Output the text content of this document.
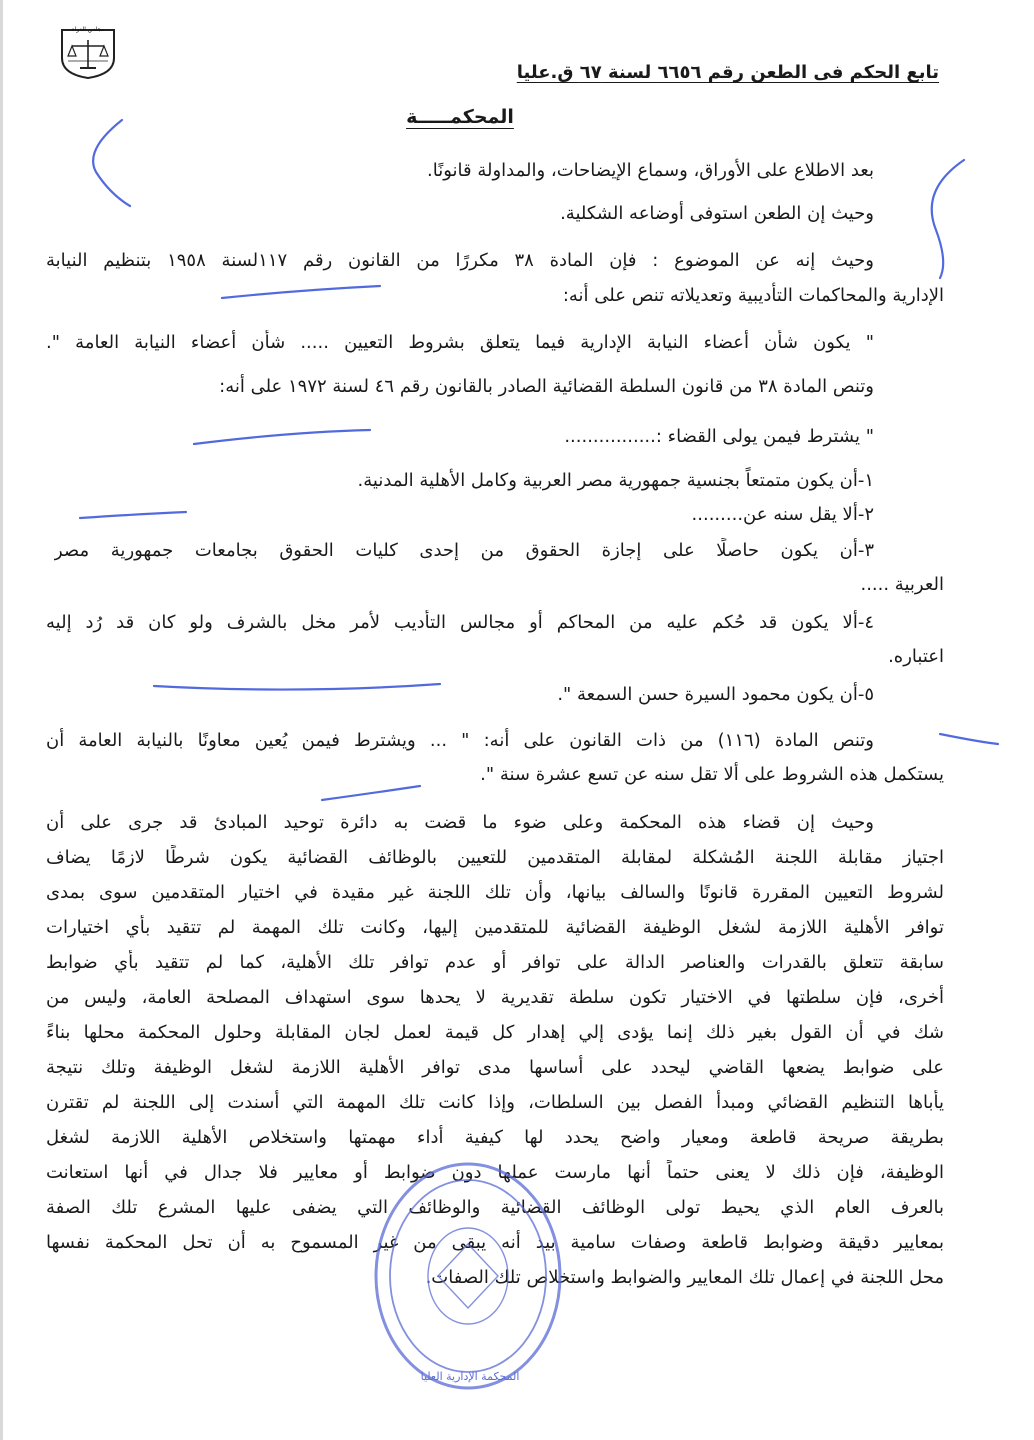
مجلس الدولة
تابع الحكم فى الطعن رقم ٦٦٥٦ لسنة ٦٧ ق.عليا
المحكمـــــة
بعد الاطلاع على الأوراق، وسماع الإيضاحات، والمداولة قانونًا.
وحيث إن الطعن استوفى أوضاعه الشكلية.
وحيث إنه عن الموضوع : فإن المادة ٣٨ مكررًا من القانون رقم ١١٧لسنة ١٩٥٨ بتنظيم النيابة
الإدارية والمحاكمات التأديبية وتعديلاته تنص على أنه:
" يكون شأن أعضاء النيابة الإدارية فيما يتعلق بشروط التعيين ..... شأن أعضاء النيابة العامة ".
وتنص المادة ٣٨ من قانون السلطة القضائية الصادر بالقانون رقم ٤٦ لسنة ١٩٧٢ على أنه:
" يشترط فيمن يولى القضاء :................
١-أن يكون متمتعاً بجنسية جمهورية مصر العربية وكامل الأهلية المدنية.
٢-ألا يقل سنه عن.........
٣-أن يكون حاصلًا على إجازة الحقوق من إحدى كليات الحقوق بجامعات جمهورية مصر
العربية .....
٤-ألا يكون قد حُكم عليه من المحاكم أو مجالس التأديب لأمر مخل بالشرف ولو كان قد رُد إليه
اعتباره.
٥-أن يكون محمود السيرة حسن السمعة ".
وتنص المادة (١١٦) من ذات القانون على أنه: " ... ويشترط فيمن يُعين معاونًا بالنيابة العامة أن
يستكمل هذه الشروط على ألا تقل سنه عن تسع عشرة سنة ".
وحيث إن قضاء هذه المحكمة وعلى ضوء ما قضت به دائرة توحيد المبادئ قد جرى على أن
اجتياز مقابلة اللجنة المُشكلة لمقابلة المتقدمين للتعيين بالوظائف القضائية يكون شرطًا لازمًا يضاف
لشروط التعيين المقررة قانونًا والسالف بيانها، وأن تلك اللجنة غير مقيدة في اختيار المتقدمين سوى بمدى
توافر الأهلية اللازمة لشغل الوظيفة القضائية للمتقدمين إليها، وكانت تلك المهمة لم تتقيد بأي اختيارات
سابقة تتعلق بالقدرات والعناصر الدالة على توافر أو عدم توافر تلك الأهلية، كما لم تتقيد بأي ضوابط
أخرى، فإن سلطتها في الاختيار تكون سلطة تقديرية لا يحدها سوى استهداف المصلحة العامة، وليس من
شك في أن القول بغير ذلك إنما يؤدى إلي إهدار كل قيمة لعمل لجان المقابلة وحلول المحكمة محلها بناءً
على ضوابط يضعها القاضي ليحدد على أساسها مدى توافر الأهلية اللازمة لشغل الوظيفة وتلك نتيجة
يأباها التنظيم القضائي ومبدأ الفصل بين السلطات، وإذا كانت تلك المهمة التي أسندت إلى اللجنة لم تقترن
بطريقة صريحة قاطعة ومعيار واضح يحدد لها كيفية أداء مهمتها واستخلاص الأهلية اللازمة لشغل
الوظيفة، فإن ذلك لا يعنى حتماً أنها مارست عملها دون ضوابط أو معايير فلا جدال في أنها استعانت
بالعرف العام الذي يحيط تولى الوظائف القضائية والوظائف التي يضفى عليها المشرع تلك الصفة
بمعايير دقيقة وضوابط قاطعة وصفات سامية بيد أنه يبقى من غير المسموح به أن تحل المحكمة نفسها
محل اللجنة في إعمال تلك المعايير والضوابط واستخلاص تلك الصفات.
المحكمة الإدارية العليا
